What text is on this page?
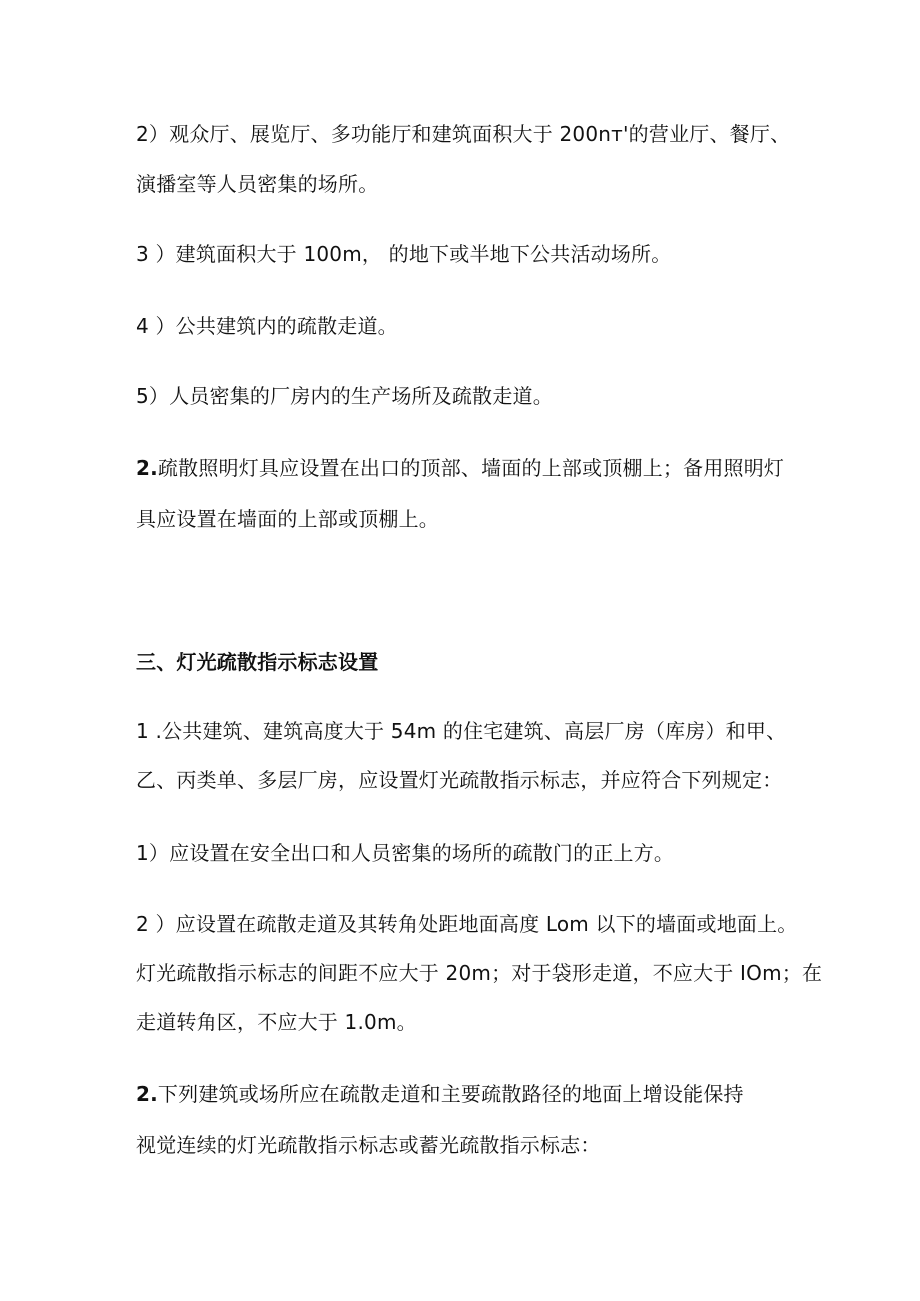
2）观众厅、展览厅、多功能厅和建筑面积大于 200nт'的营业厅、餐厅、
演播室等人员密集的场所。
3 ）建筑面积大于 100m， 的地下或半地下公共活动场所。
4 ）公共建筑内的疏散走道。
5）人员密集的厂房内的生产场所及疏散走道。
2.疏散照明灯具应设置在出口的顶部、墙面的上部或顶棚上；备用照明灯
具应设置在墙面的上部或顶棚上。
三、灯光疏散指示标志设置
1 .公共建筑、建筑高度大于 54m 的住宅建筑、高层厂房（库房）和甲、
乙、丙类单、多层厂房，应设置灯光疏散指示标志，并应符合下列规定：
1）应设置在安全出口和人员密集的场所的疏散门的正上方。
2 ）应设置在疏散走道及其转角处距地面高度 Lom 以下的墙面或地面上。
灯光疏散指示标志的间距不应大于 20m；对于袋形走道，不应大于 IOm；在
走道转角区，不应大于 1.0m。
2.下列建筑或场所应在疏散走道和主要疏散路径的地面上增设能保持
视觉连续的灯光疏散指示标志或蓄光疏散指示标志：
